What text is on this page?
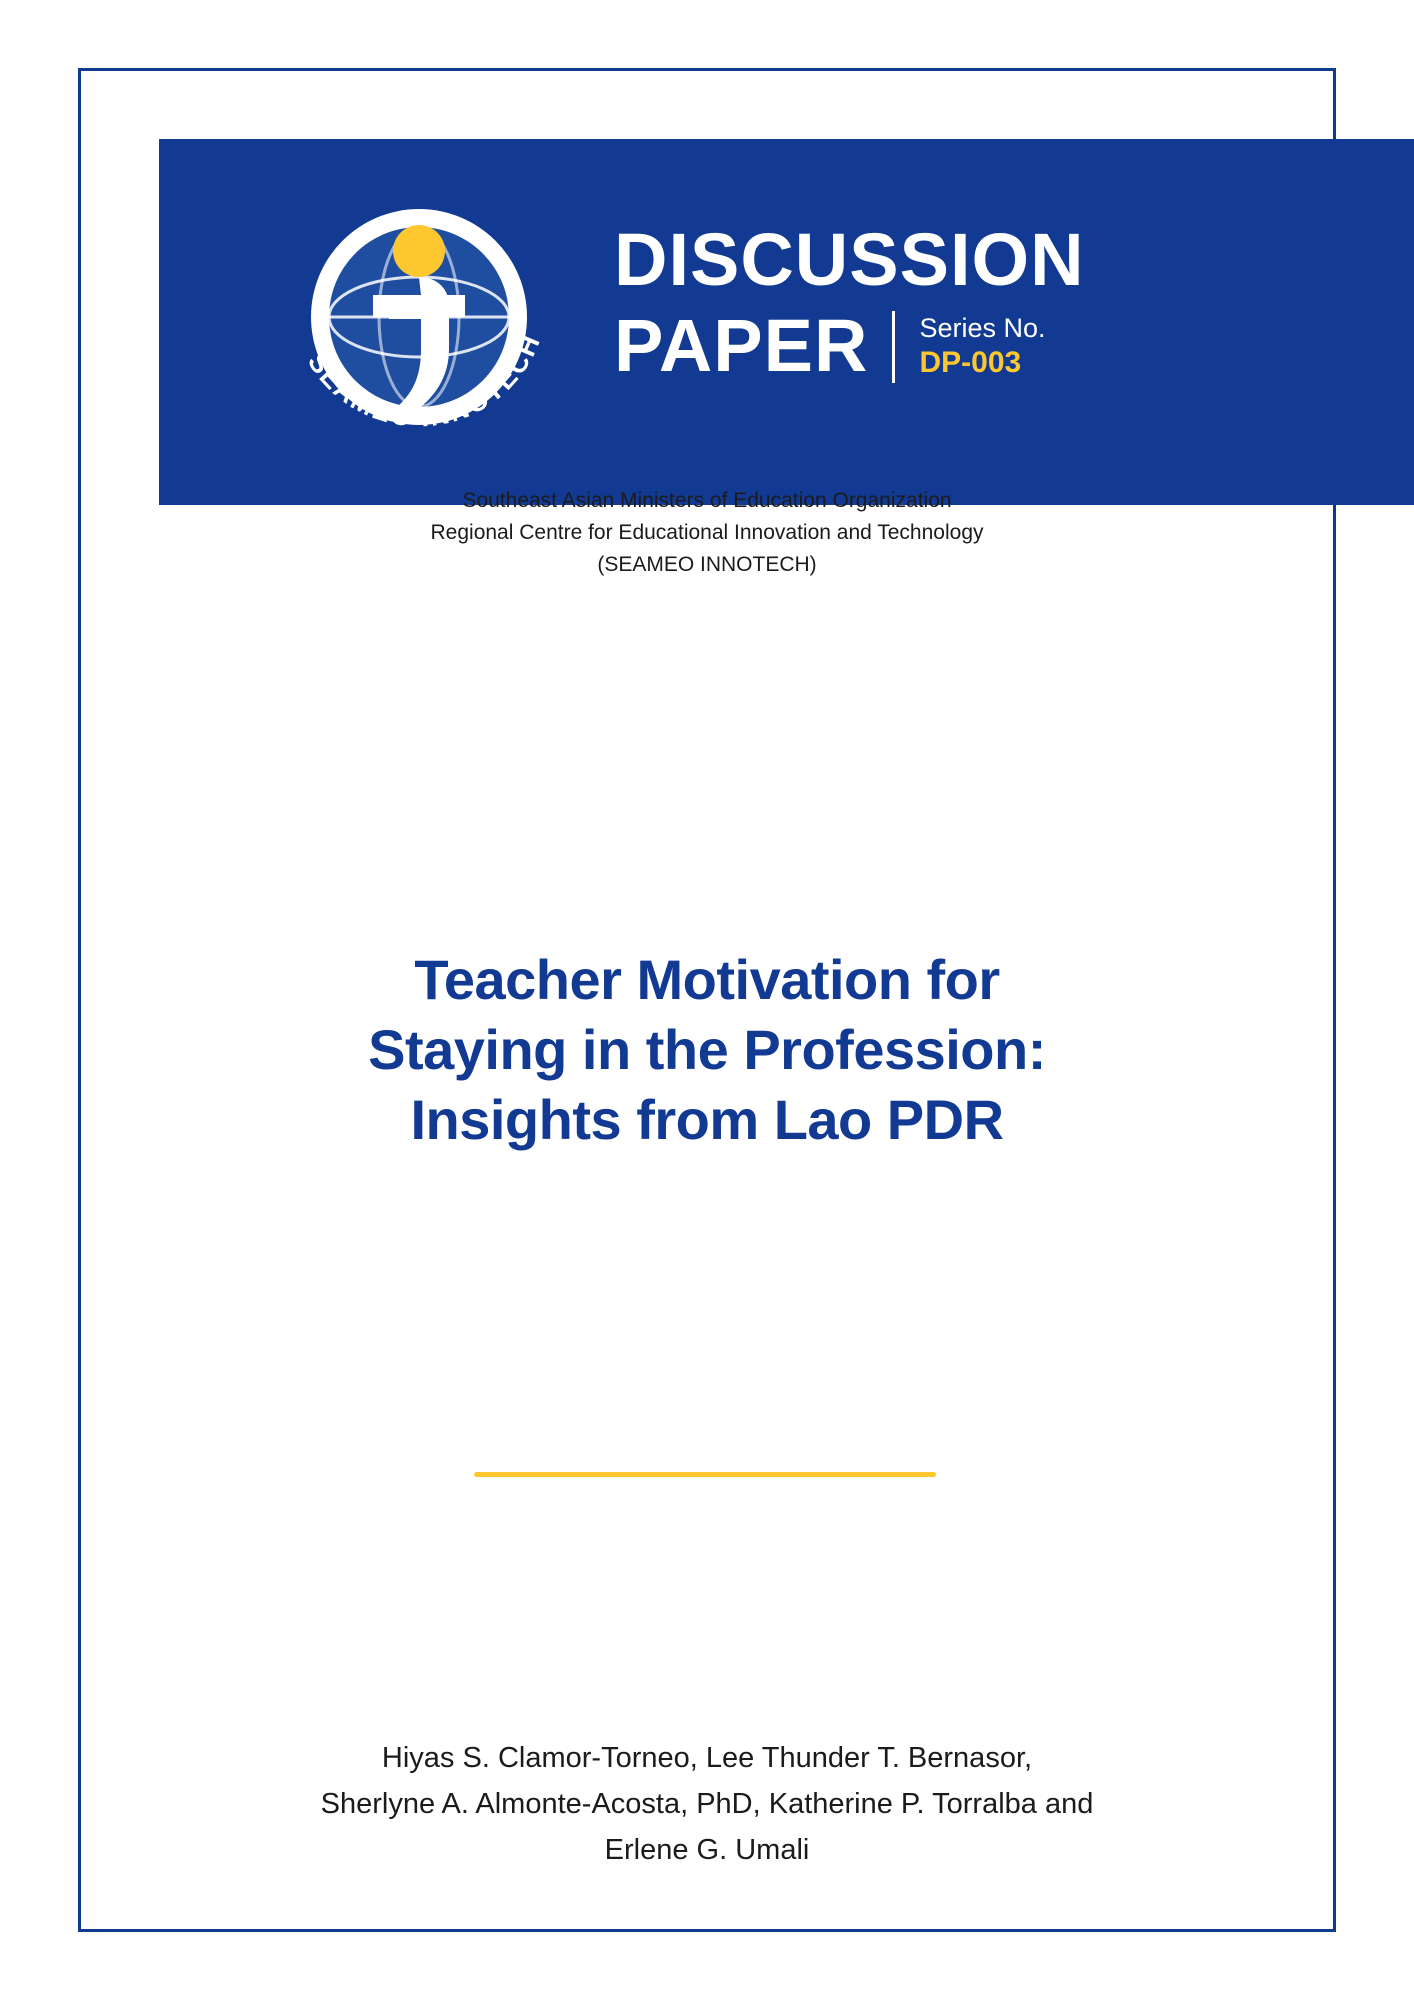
SEAMEO INNOTECH
DISCUSSION
PAPER Series No.
DP-003
Southeast Asian Ministers of Education Organization
Regional Centre for Educational Innovation and Technology
(SEAMEO INNOTECH)
Teacher Motivation for
Staying in the Profession:
Insights from Lao PDR
Hiyas S. Clamor-Torneo, Lee Thunder T. Bernasor,
Sherlyne A. Almonte-Acosta, PhD, Katherine P. Torralba and
Erlene G. Umali
